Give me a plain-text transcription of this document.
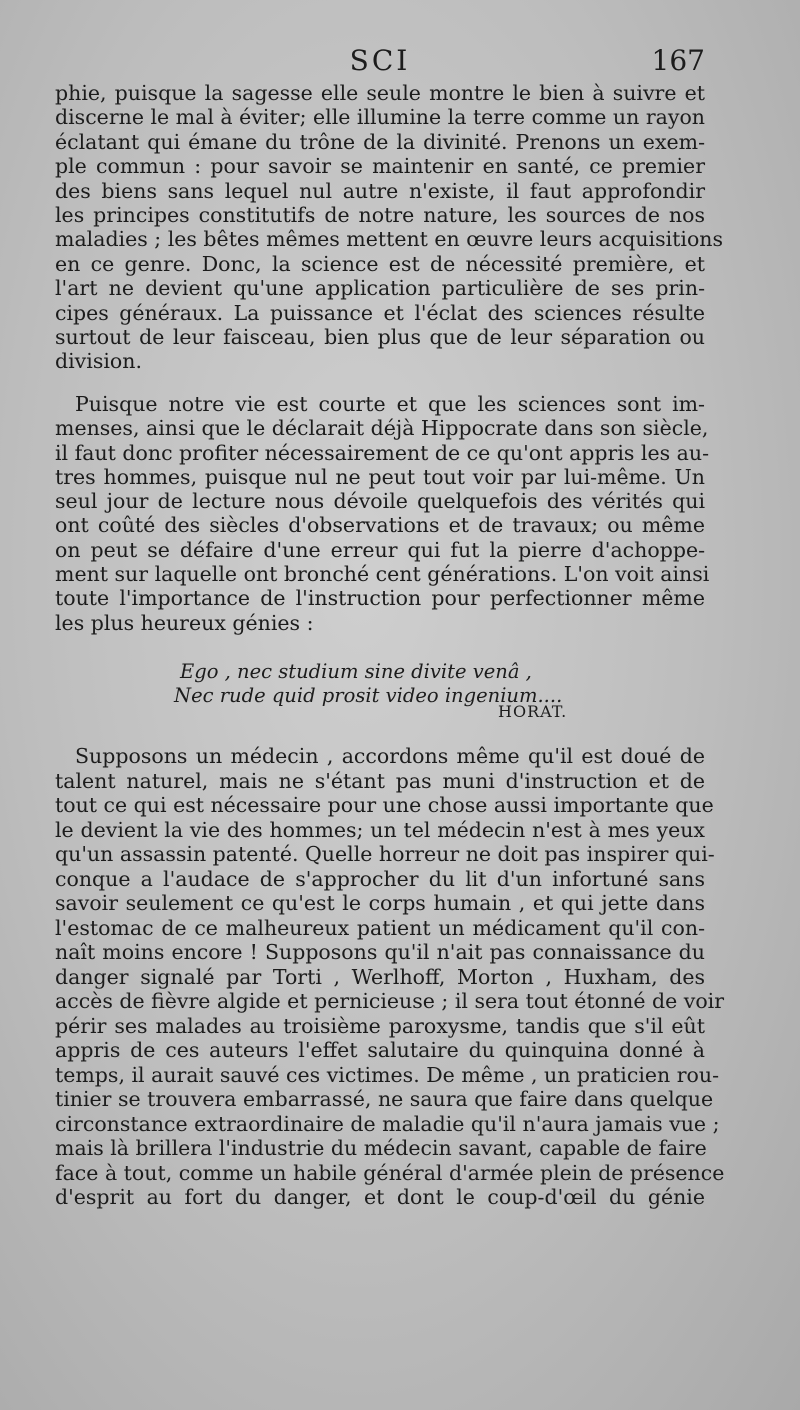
SCI	167
phie, puisque la sagesse elle seule montre le bien à suivre et
discerne le mal à éviter; elle illumine la terre comme un rayon
éclatant qui émane du trône de la divinité. Prenons un exem-
ple commun : pour savoir se maintenir en santé, ce premier
des biens sans lequel nul autre n'existe, il faut approfondir
les principes constitutifs de notre nature, les sources de nos
maladies ; les bêtes mêmes mettent en œuvre leurs acquisitions
en ce genre. Donc, la science est de nécessité première, et
l'art ne devient qu'une application particulière de ses prin-
cipes généraux. La puissance et l'éclat des sciences résulte
surtout de leur faisceau, bien plus que de leur séparation ou
division.
Puisque notre vie est courte et que les sciences sont im-
menses, ainsi que le déclarait déjà Hippocrate dans son siècle,
il faut donc profiter nécessairement de ce qu'ont appris les au-
tres hommes, puisque nul ne peut tout voir par lui-même. Un
seul jour de lecture nous dévoile quelquefois des vérités qui
ont coûté des siècles d'observations et de travaux; ou même
on peut se défaire d'une erreur qui fut la pierre d'achoppe-
ment sur laquelle ont bronché cent générations. L'on voit ainsi
toute l'importance de l'instruction pour perfectionner même
les plus heureux génies :
Ego , nec studium sine divite venâ ,
Nec rude quid prosit video ingenium....
HORAT.
Supposons un médecin , accordons même qu'il est doué de
talent naturel, mais ne s'étant pas muni d'instruction et de
tout ce qui est nécessaire pour une chose aussi importante que
le devient la vie des hommes; un tel médecin n'est à mes yeux
qu'un assassin patenté. Quelle horreur ne doit pas inspirer qui-
conque a l'audace de s'approcher du lit d'un infortuné sans
savoir seulement ce qu'est le corps humain , et qui jette dans
l'estomac de ce malheureux patient un médicament qu'il con-
naît moins encore ! Supposons qu'il n'ait pas connaissance du
danger signalé par Torti , Werlhoff, Morton , Huxham, des
accès de fièvre algide et pernicieuse ; il sera tout étonné de voir
périr ses malades au troisième paroxysme, tandis que s'il eût
appris de ces auteurs l'effet salutaire du quinquina donné à
temps, il aurait sauvé ces victimes. De même , un praticien rou-
tinier se trouvera embarrassé, ne saura que faire dans quelque
circonstance extraordinaire de maladie qu'il n'aura jamais vue ;
mais là brillera l'industrie du médecin savant, capable de faire
face à tout, comme un habile général d'armée plein de présence
d'esprit au fort du danger, et dont le coup-d'œil du génie
